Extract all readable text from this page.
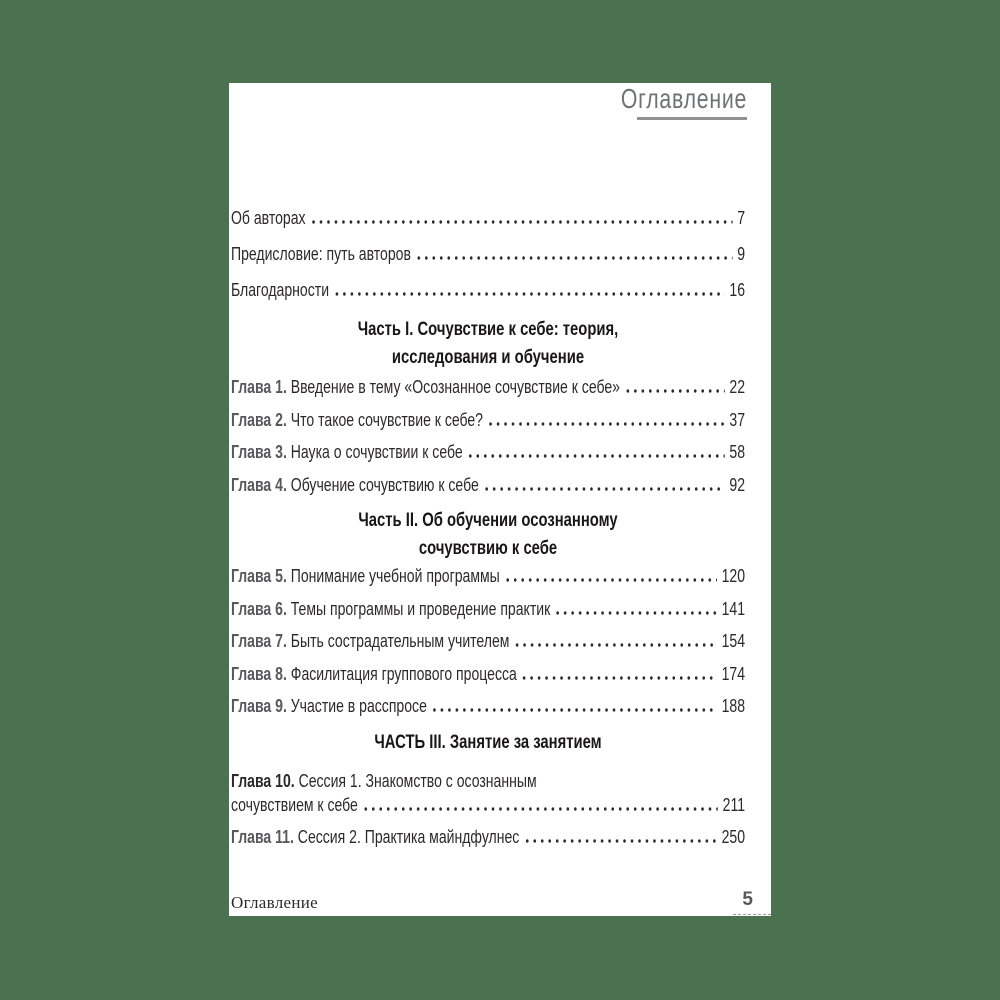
Оглавление
Об авторах	7
Предисловие: путь авторов	9
Благодарности	16
Часть I. Сочувствие к себе: теория,
исследования и обучение
Глава 1. Введение в тему «Осознанное сочувствие к себе»	22
Глава 2. Что такое сочувствие к себе?	37
Глава 3. Наука о сочувствии к себе	58
Глава 4. Обучение сочувствию к себе	92
Часть II. Об обучении осознанному
сочувствию к себе
Глава 5. Понимание учебной программы	120
Глава 6. Темы программы и проведение практик	141
Глава 7. Быть сострадательным учителем	154
Глава 8. Фасилитация группового процесса	174
Глава 9. Участие в расспросе	188
ЧАСТЬ III. Занятие за занятием
Глава 10. Сессия 1. Знакомство с осознанным
сочувствием к себе	211
Глава 11. Сессия 2. Практика майндфулнес	250
Оглавление	5
